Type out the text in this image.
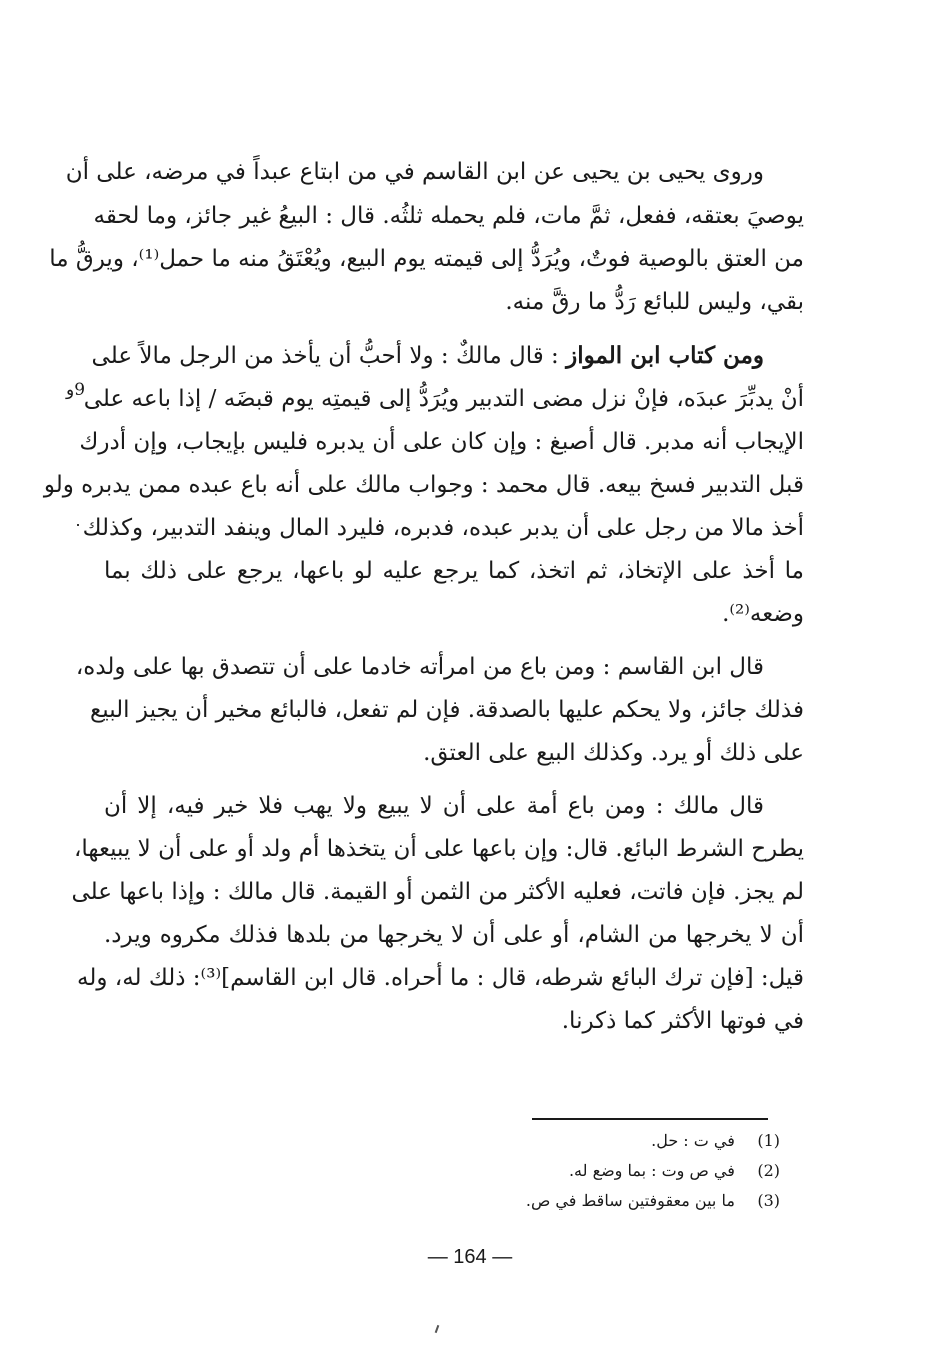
وروى يحيى بن يحيى عن ابن القاسم في من ابتاع عبداً في مرضه، على أن
يوصيَ بعتقه، ففعل، ثمَّ مات، فلم يحمله ثلثُه. قال : البيعُ غير جائز، وما لحقه
من العتق بالوصية فوتٌ، ويُرَدُّ إلى قيمته يوم البيع، ويُعْتَقُ منه ما حمل⁽¹⁾، ويرقُّ ما
بقي، وليس للبائع رَدُّ ما رقَّ منه.
ومن كتاب ابن المواز : قال مالكٌ : ولا أحبُّ أن يأخذ من الرجل مالاً على
أنْ يدبِّرَ عبدَه، فإنْ نزل مضى التدبير ويُرَدُّ إلى قيمتِه يوم قبضَه / إذا باعه على
الإيجاب أنه مدبر. قال أصبغ : وإن كان على أن يدبره فليس بإيجاب، وإن أدرك
قبل التدبير فسخ بيعه. قال محمد : وجواب مالك على أنه باع عبده ممن يدبره ولو
أخذ مالا من رجل على أن يدبر عبده، فدبره، فليرد المال وينفد التدبير، وكذلك
ما أخذ على الإتخاذ، ثم اتخذ، كما يرجع عليه لو باعها، يرجع على ذلك بما
وضعه⁽²⁾.
قال ابن القاسم : ومن باع من امرأته خادما على أن تتصدق بها على ولده،
فذلك جائز، ولا يحكم عليها بالصدقة. فإن لم تفعل، فالبائع مخير أن يجيز البيع
على ذلك أو يرد. وكذلك البيع على العتق.
قال مالك : ومن باع أمة على أن لا يبيع ولا يهب فلا خير فيه، إلا أن
يطرح الشرط البائع. قال: وإن باعها على أن يتخذها أم ولد أو على أن لا يبيعها،
لم يجز. فإن فاتت، فعليه الأكثر من الثمن أو القيمة. قال مالك : وإذا باعها على
أن لا يخرجها من الشام، أو على أن لا يخرجها من بلدها فذلك مكروه ويرد.
قيل: [فإن ترك البائع شرطه، قال : ما أحراه. قال ابن القاسم]⁽³⁾: ذلك له، وله
في فوتها الأكثر كما ذكرنا.
9و
(1) في ت : حل.
(2) في ص وت : بما وضع له.
(3) ما بين معقوفتين ساقط في ص.
— 164 —
